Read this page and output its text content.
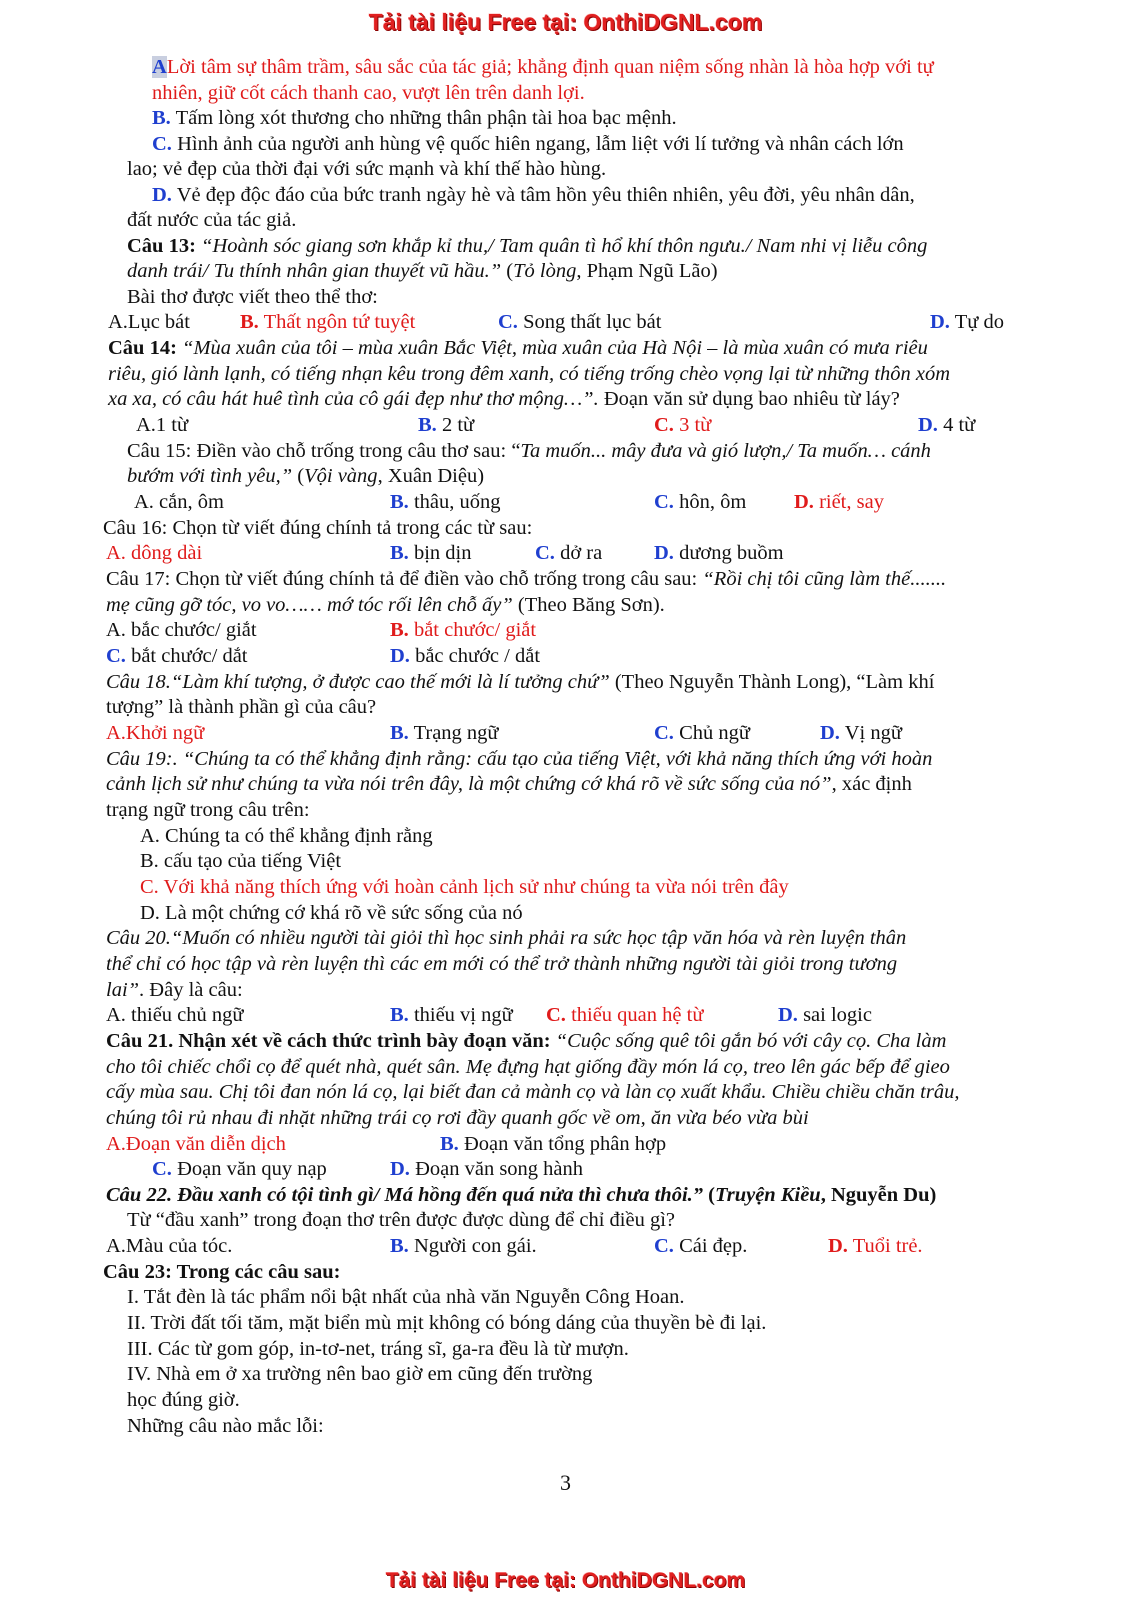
Tải tài liệu Free tại: OnthiDGNL.com
ALời tâm sự thâm trầm, sâu sắc của tác giả; khẳng định quan niệm sống nhàn là hòa hợp với tự
nhiên, giữ cốt cách thanh cao, vượt lên trên danh lợi.
B. Tấm lòng xót thương cho những thân phận tài hoa bạc mệnh.
C. Hình ảnh của người anh hùng vệ quốc hiên ngang, lẫm liệt với lí tưởng và nhân cách lớn
lao; vẻ đẹp của thời đại với sức mạnh và khí thế hào hùng.
D. Vẻ đẹp độc đáo của bức tranh ngày hè và tâm hồn yêu thiên nhiên, yêu đời, yêu nhân dân,
đất nước của tác giả.
Câu 13: “Hoành sóc giang sơn khắp kỉ thu,/ Tam quân tì hổ khí thôn ngưu./ Nam nhi vị liễu công
danh trái/ Tu thính nhân gian thuyết vũ hầu.” (Tỏ lòng, Phạm Ngũ Lão)
Bài thơ được viết theo thể thơ:
A.Lục bát B. Thất ngôn tứ tuyệt	C. Song thất lục bát	D. Tự do
Câu 14: “Mùa xuân của tôi – mùa xuân Bắc Việt, mùa xuân của Hà Nội – là mùa xuân có mưa riêu
riêu, gió lành lạnh, có tiếng nhạn kêu trong đêm xanh, có tiếng trống chèo vọng lại từ những thôn xóm
xa xa, có câu hát huê tình của cô gái đẹp như thơ mộng…”. Đoạn văn sử dụng bao nhiêu từ láy?
A.1 từ	B. 2 từ	C. 3 từ	D. 4 từ
Câu 15: Điền vào chỗ trống trong câu thơ sau: “Ta muốn... mây đưa và gió lượn,/ Ta muốn… cánh
bướm với tình yêu,” (Vội vàng, Xuân Diệu)
A. cắn, ôm	B. thâu, uống	C. hôn, ôm D. riết, say
Câu 16: Chọn từ viết đúng chính tả trong các từ sau:
A. dông dài	B. bịn dịn	C. dở ra	D. dương buồm
Câu 17: Chọn từ viết đúng chính tả để điền vào chỗ trống trong câu sau: “Rồi chị tôi cũng làm thế.......
mẹ cũng gỡ tóc, vo vo…… mớ tóc rối lên chỗ ấy” (Theo Băng Sơn).
A. bắc chước/ giắt	B. bắt chước/ giắt
C. bắt chước/ dắt	D. bắc chước / dắt
Câu 18.“Làm khí tượng, ở được cao thế mới là lí tưởng chứ” (Theo Nguyễn Thành Long), “Làm khí
tượng” là thành phần gì của câu?
A.Khởi ngữ	B. Trạng ngữ	C. Chủ ngữ	D. Vị ngữ
Câu 19:. “Chúng ta có thể khẳng định rằng: cấu tạo của tiếng Việt, với khả năng thích ứng với hoàn
cảnh lịch sử như chúng ta vừa nói trên đây, là một chứng cớ khá rõ về sức sống của nó”, xác định
trạng ngữ trong câu trên:
A. Chúng ta có thể khẳng định rằng
B. cấu tạo của tiếng Việt
C. Với khả năng thích ứng với hoàn cảnh lịch sử như chúng ta vừa nói trên đây
D. Là một chứng cớ khá rõ về sức sống của nó
Câu 20.“Muốn có nhiều người tài giỏi thì học sinh phải ra sức học tập văn hóa và rèn luyện thân
thể chỉ có học tập và rèn luyện thì các em mới có thể trở thành những người tài giỏi trong tương
lai”. Đây là câu:
A. thiếu chủ ngữ	B. thiếu vị ngữ C. thiếu quan hệ từ	D. sai logic
Câu 21. Nhận xét về cách thức trình bày đoạn văn: “Cuộc sống quê tôi gắn bó với cây cọ. Cha làm
cho tôi chiếc chổi cọ để quét nhà, quét sân. Mẹ đựng hạt giống đầy món lá cọ, treo lên gác bếp để gieo
cấy mùa sau. Chị tôi đan nón lá cọ, lại biết đan cả mành cọ và làn cọ xuất khẩu. Chiều chiều chăn trâu,
chúng tôi rủ nhau đi nhặt những trái cọ rơi đầy quanh gốc về om, ăn vừa béo vừa bùi
A.Đoạn văn diễn dịch	B. Đoạn văn tổng phân hợp
C. Đoạn văn quy nạp	D. Đoạn văn song hành
Câu 22. Đầu xanh có tội tình gì/ Má hồng đến quá nửa thì chưa thôi.” (Truyện Kiều, Nguyễn Du)
Từ “đầu xanh” trong đoạn thơ trên được được dùng để chỉ điều gì?
A.Màu của tóc.	B. Người con gái.	C. Cái đẹp.	D. Tuổi trẻ.
Câu 23: Trong các câu sau:
I. Tắt đèn là tác phẩm nổi bật nhất của nhà văn Nguyễn Công Hoan.
II. Trời đất tối tăm, mặt biển mù mịt không có bóng dáng của thuyền bè đi lại.
III. Các từ gom góp, in-tơ-net, tráng sĩ, ga-ra đều là từ mượn.
IV. Nhà em ở xa trường nên bao giờ em cũng đến trường
học đúng giờ.
Những câu nào mắc lỗi:
3
Tải tài liệu Free tại: OnthiDGNL.com
